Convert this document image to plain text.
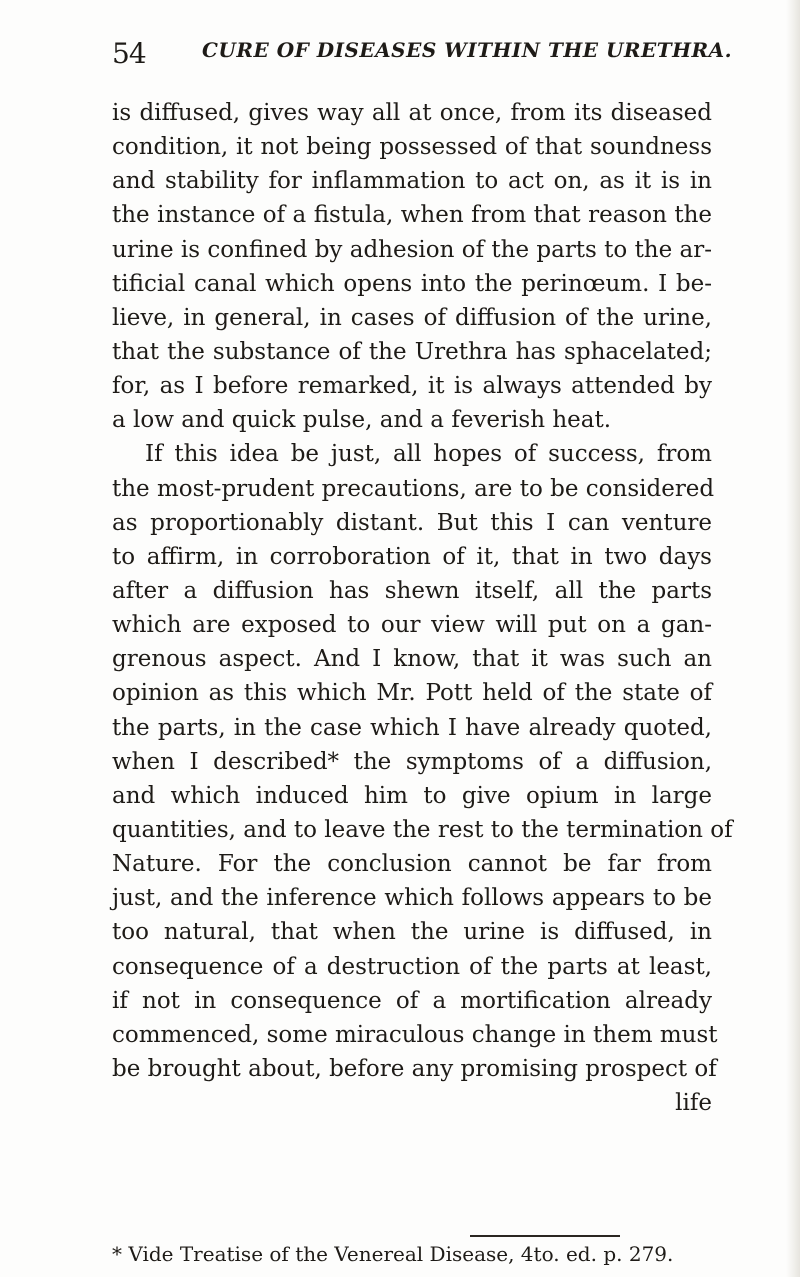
54	CURE OF DISEASES WITHIN THE URETHRA.
is diffused, gives way all at once, from its diseased
condition, it not being possessed of that soundness
and stability for inflammation to act on, as it is in
the instance of a fistula, when from that reason the
urine is confined by adhesion of the parts to the ar-
tificial canal which opens into the perinœum. I be-
lieve, in general, in cases of diffusion of the urine,
that the substance of the Urethra has sphacelated;
for, as I before remarked, it is always attended by
a low and quick pulse, and a feverish heat.
If this idea be just, all hopes of success, from
the most-prudent precautions, are to be considered
as proportionably distant. But this I can venture
to affirm, in corroboration of it, that in two days
after a diffusion has shewn itself, all the parts
which are exposed to our view will put on a gan-
grenous aspect. And I know, that it was such an
opinion as this which Mr. Pott held of the state of
the parts, in the case which I have already quoted,
when I described* the symptoms of a diffusion,
and which induced him to give opium in large
quantities, and to leave the rest to the termination of
Nature. For the conclusion cannot be far from
just, and the inference which follows appears to be
too natural, that when the urine is diffused, in
consequence of a destruction of the parts at least,
if not in consequence of a mortification already
commenced, some miraculous change in them must
be brought about, before any promising prospect of
life
* Vide Treatise of the Venereal Disease, 4to. ed. p. 279.
